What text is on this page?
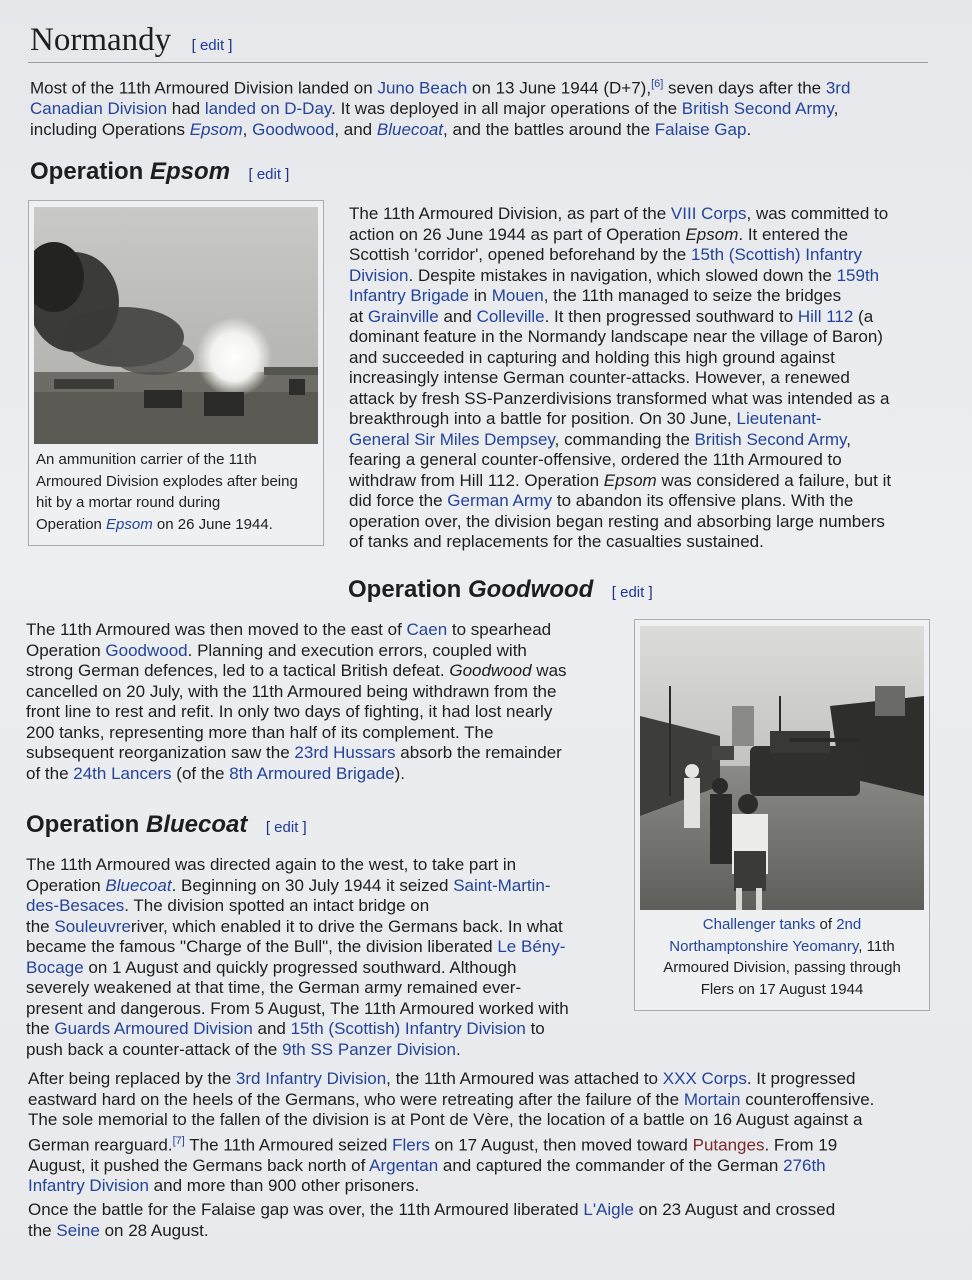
Normandy [ edit ]

Most of the 11th Armoured Division landed on Juno Beach on 13 June 1944 (D+7),[6] seven days after the 3rd
Canadian Division had landed on D-Day. It was deployed in all major operations of the British Second Army,
including Operations Epsom, Goodwood, and Bluecoat, and the battles around the Falaise Gap.

Operation Epsom [ edit ]
An ammunition carrier of the 11th
Armoured Division explodes after being
hit by a mortar round during
Operation Epsom on 26 June 1944.

The 11th Armoured Division, as part of the VIII Corps, was committed to
action on 26 June 1944 as part of Operation Epsom. It entered the
Scottish 'corridor', opened beforehand by the 15th (Scottish) Infantry
Division. Despite mistakes in navigation, which slowed down the 159th
Infantry Brigade in Mouen, the 11th managed to seize the bridges
at Grainville and Colleville. It then progressed southward to Hill 112 (a
dominant feature in the Normandy landscape near the village of Baron)
and succeeded in capturing and holding this high ground against
increasingly intense German counter-attacks. However, a renewed
attack by fresh SS-Panzerdivisions transformed what was intended as a
breakthrough into a battle for position. On 30 June, Lieutenant-
General Sir Miles Dempsey, commanding the British Second Army,
fearing a general counter-offensive, ordered the 11th Armoured to
withdraw from Hill 112. Operation Epsom was considered a failure, but it
did force the German Army to abandon its offensive plans. With the
operation over, the division began resting and absorbing large numbers
of tanks and replacements for the casualties sustained.

Operation Goodwood [ edit ]

The 11th Armoured was then moved to the east of Caen to spearhead
Operation Goodwood. Planning and execution errors, coupled with
strong German defences, led to a tactical British defeat. Goodwood was
cancelled on 20 July, with the 11th Armoured being withdrawn from the
front line to rest and refit. In only two days of fighting, it had lost nearly
200 tanks, representing more than half of its complement. The
subsequent reorganization saw the 23rd Hussars absorb the remainder
of the 24th Lancers (of the 8th Armoured Brigade).

Challenger tanks of 2nd
Northamptonshire Yeomanry, 11th
Armoured Division, passing through
Flers on 17 August 1944
Operation Bluecoat [ edit ]

The 11th Armoured was directed again to the west, to take part in
Operation Bluecoat. Beginning on 30 July 1944 it seized Saint-Martin-
des-Besaces. The division spotted an intact bridge on
the Souleuvreriver, which enabled it to drive the Germans back. In what
became the famous "Charge of the Bull", the division liberated Le Bény-
Bocage on 1 August and quickly progressed southward. Although
severely weakened at that time, the German army remained ever-
present and dangerous. From 5 August, The 11th Armoured worked with
the Guards Armoured Division and 15th (Scottish) Infantry Division to
push back a counter-attack of the 9th SS Panzer Division.

After being replaced by the 3rd Infantry Division, the 11th Armoured was attached to XXX Corps. It progressed
eastward hard on the heels of the Germans, who were retreating after the failure of the Mortain counteroffensive.
The sole memorial to the fallen of the division is at Pont de Vère, the location of a battle on 16 August against a
German rearguard.[7] The 11th Armoured seized Flers on 17 August, then moved toward Putanges. From 19
August, it pushed the Germans back north of Argentan and captured the commander of the German 276th
Infantry Division and more than 900 other prisoners.

Once the battle for the Falaise gap was over, the 11th Armoured liberated L'Aigle on 23 August and crossed
the Seine on 28 August.
